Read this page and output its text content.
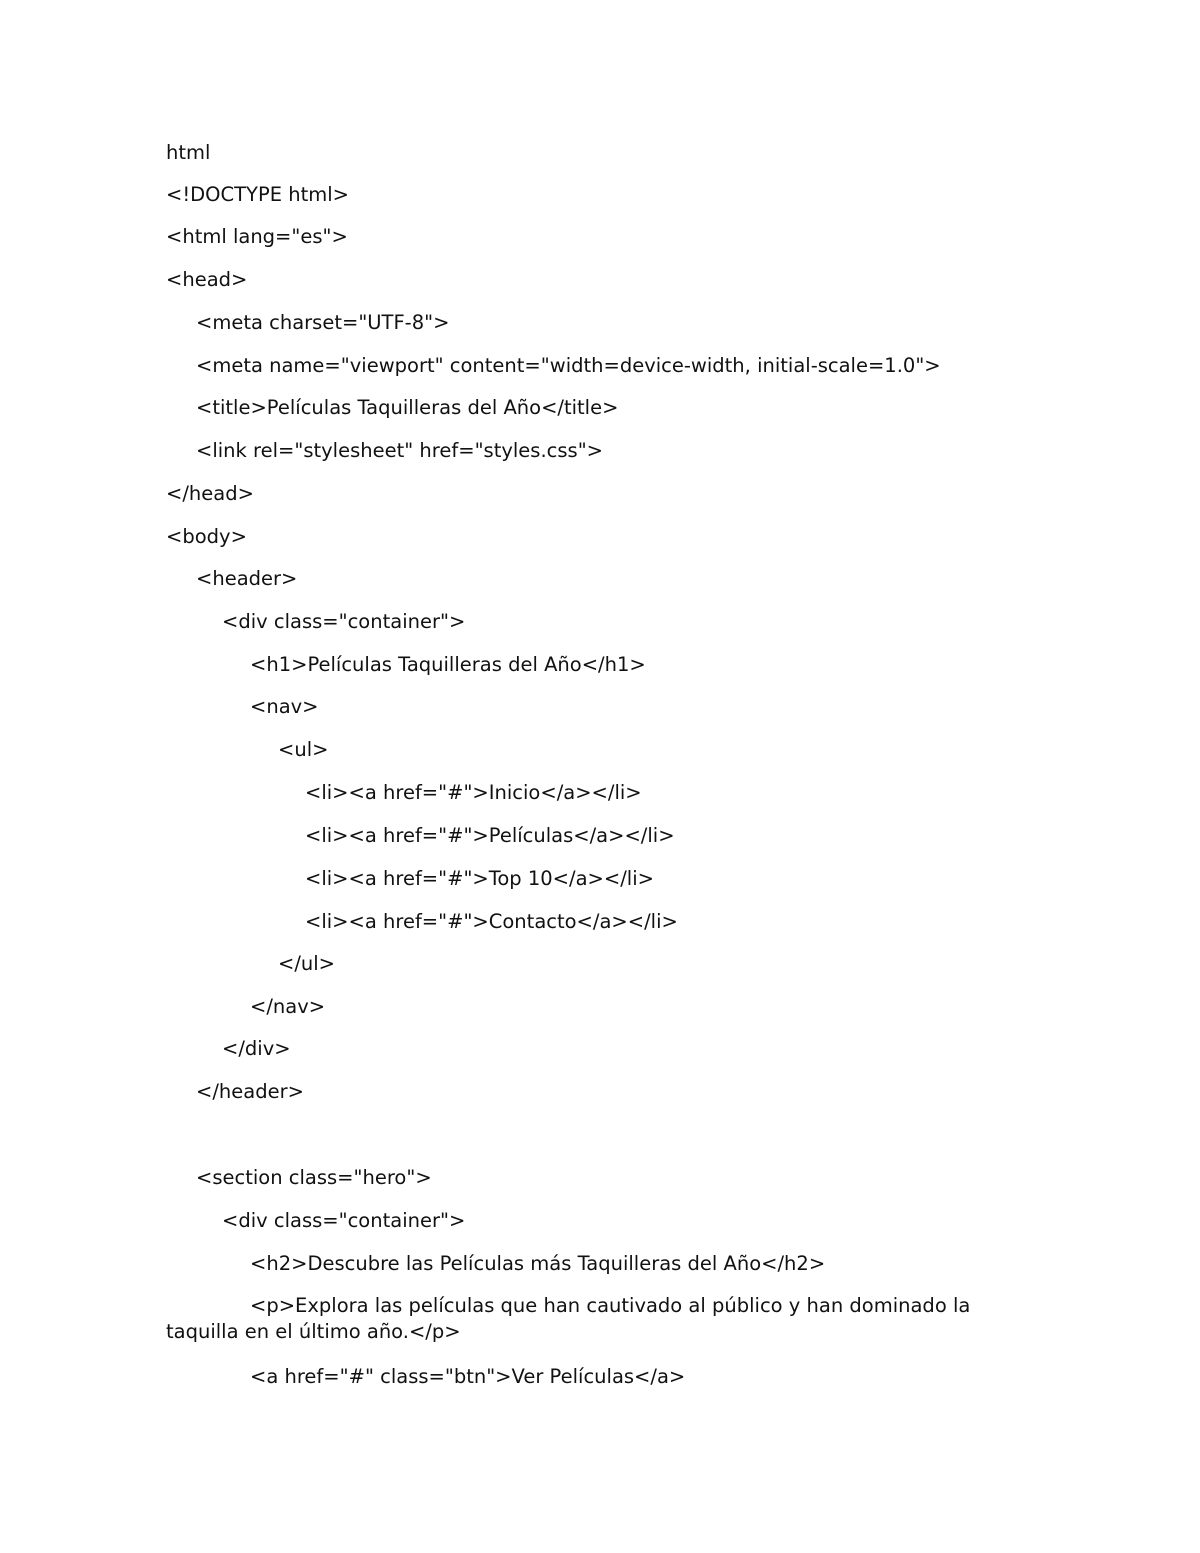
html
<!DOCTYPE html>
<html lang="es">
<head>
<meta charset="UTF-8">
<meta name="viewport" content="width=device-width, initial-scale=1.0">
<title>Películas Taquilleras del Año</title>
<link rel="stylesheet" href="styles.css">
</head>
<body>
<header>
<div class="container">
<h1>Películas Taquilleras del Año</h1>
<nav>
<ul>
<li><a href="#">Inicio</a></li>
<li><a href="#">Películas</a></li>
<li><a href="#">Top 10</a></li>
<li><a href="#">Contacto</a></li>
</ul>
</nav>
</div>
</header>
<section class="hero">
<div class="container">
<h2>Descubre las Películas más Taquilleras del Año</h2>
<p>Explora las películas que han cautivado al público y han dominado la taquilla en el último año.</p>
<a href="#" class="btn">Ver Películas</a>
